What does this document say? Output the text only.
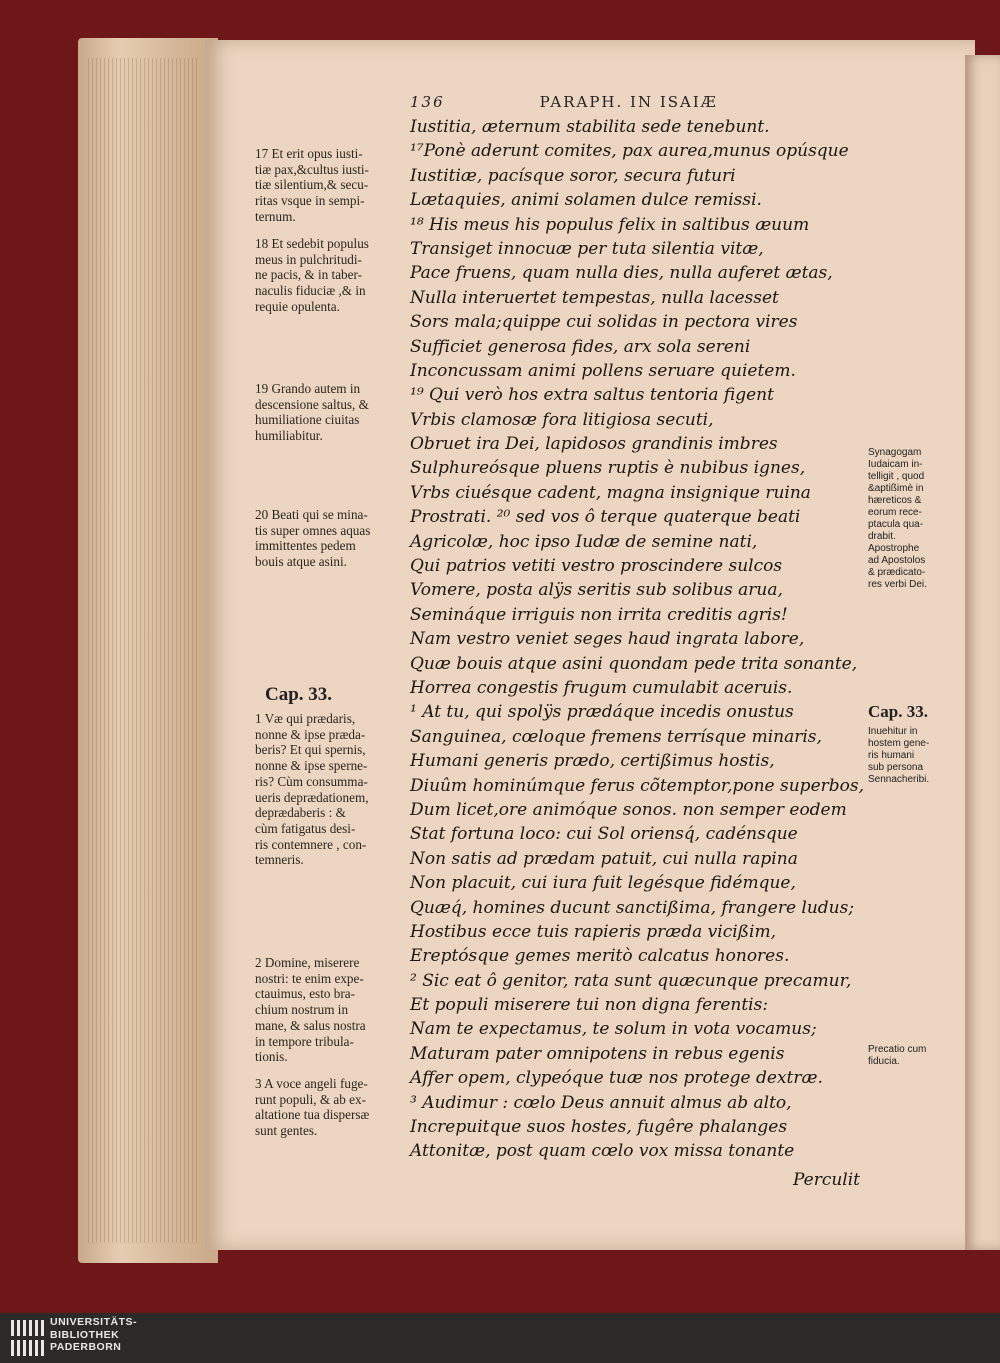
136	PARAPH. IN ISAIÆ
Iustitia, æternum stabilita sede tenebunt.
¹⁷Ponè aderunt comites, pax aurea,munus opúsque
Iustitiæ, pacísque soror, secura futuri
Lætaquies, animi solamen dulce remissi.
¹⁸ His meus his populus felix in saltibus æuum
Transiget innocuæ per tuta silentia vitæ,
Pace fruens, quam nulla dies, nulla auferet ætas,
Nulla interuertet tempestas, nulla lacesset
Sors mala;quippe cui solidas in pectora vires
Sufficiet generosa fides, arx sola sereni
Inconcussam animi pollens seruare quietem.
¹⁹ Qui verò hos extra saltus tentoria figent
Vrbis clamosæ fora litigiosa secuti,
Obruet ira Dei, lapidosos grandinis imbres
Sulphureósque pluens ruptis è nubibus ignes,
Vrbs ciuésque cadent, magna insignique ruina
Prostrati. ²⁰ sed vos ô terque quaterque beati
Agricolæ, hoc ipso Iudæ de semine nati,
Qui patrios vetiti vestro proscindere sulcos
Vomere, posta alÿs seritis sub solibus arua,
Semináque irriguis non irrita creditis agris!
Nam vestro veniet seges haud ingrata labore,
Quæ bouis atque asini quondam pede trita sonante,
Horrea congestis frugum cumulabit aceruis.
¹ At tu, qui spolÿs prædáque incedis onustus
Sanguinea, cœloque fremens terrísque minaris,
Humani generis prædo, certißimus hostis,
Diuûm hominúmque ferus cõtemptor,pone superbos,
Dum licet,ore animóque sonos. non semper eodem
Stat fortuna loco: cui Sol oriensq́, cadénsque
Non satis ad prædam patuit, cui nulla rapina
Non placuit, cui iura fuit legésque fidémque,
Quæq́, homines ducunt sanctißima, frangere ludus;
Hostibus ecce tuis rapieris præda vicißim,
Ereptósque gemes meritò calcatus honores.
² Sic eat ô genitor, rata sunt quæcunque precamur,
Et populi miserere tui non digna ferentis:
Nam te expectamus, te solum in vota vocamus;
Maturam pater omnipotens in rebus egenis
Affer opem, clypeóque tuæ nos protege dextræ.
³ Audimur : cœlo Deus annuit almus ab alto,
Increpuitque suos hostes, fugêre phalanges
Attonitæ, post quam cœlo vox missa tonante
Perculit
17 Et erit opus iusti-
tiæ pax,&cultus iusti-
tiæ silentium,& secu-
ritas vsque in sempi-
ternum.
18 Et sedebit populus
meus in pulchritudi-
ne pacis, & in taber-
naculis fiduciæ ,& in
requie opulenta.
19 Grando autem in
descensione saltus, &
humiliatione ciuitas
humiliabitur.
20 Beati qui se mina-
tis super omnes aquas
immittentes pedem
bouis atque asini.
Cap. 33.
1 Væ qui prædaris,
nonne & ipse præda-
beris? Et qui spernis,
nonne & ipse sperne-
ris? Cùm consumma-
ueris deprædationem,
deprædaberis : &
cùm fatigatus desi-
ris contemnere , con-
temneris.
2 Domine, miserere
nostri: te enim expe-
ctauimus, esto bra-
chium nostrum in
mane, & salus nostra
in tempore tribula-
tionis.
3 A voce angeli fuge-
runt populi, & ab ex-
altatione tua dispersæ
sunt gentes.
Synagogam
Iudaicam in-
telligit , quod
&aptißimè in
hæreticos &
eorum rece-
ptacula qua-
drabit.
Apostrophe
ad Apostolos
& prædicato-
res verbi Dei.
Cap. 33.
Inuehitur in
hostem gene-
ris humani
sub persona
Sennacheribi.
Precatio cum
fiducia.
UNIVERSITÄTS-
BIBLIOTHEK
PADERBORN
